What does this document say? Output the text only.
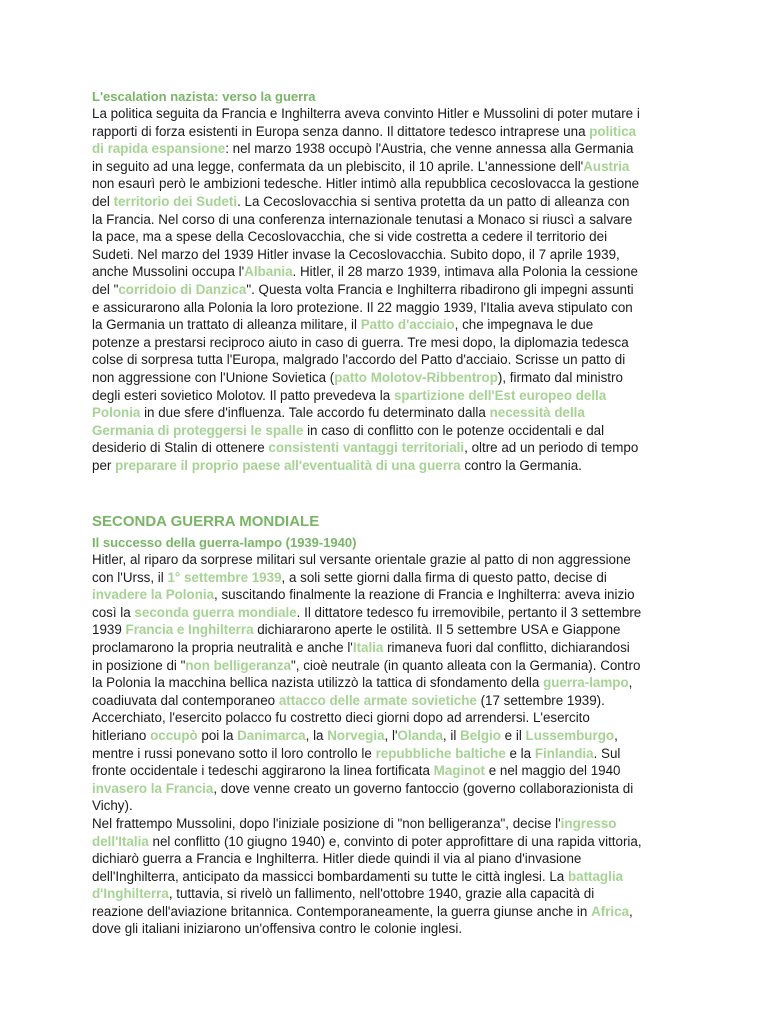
L'escalation nazista: verso la guerra

La politica seguita da Francia e Inghilterra aveva convinto Hitler e Mussolini di poter mutare i
rapporti di forza esistenti in Europa senza danno. Il dittatore tedesco intraprese una politica
di rapida espansione: nel marzo 1938 occupò l'Austria, che venne annessa alla Germania
in seguito ad una legge, confermata da un plebiscito, il 10 aprile. L'annessione dell'Austria
non esaurì però le ambizioni tedesche. Hitler intimò alla repubblica cecoslovacca la gestione
del territorio dei Sudeti. La Cecoslovacchia si sentiva protetta da un patto di alleanza con
la Francia. Nel corso di una conferenza internazionale tenutasi a Monaco si riuscì a salvare
la pace, ma a spese della Cecoslovacchia, che si vide costretta a cedere il territorio dei
Sudeti. Nel marzo del 1939 Hitler invase la Cecoslovacchia. Subito dopo, il 7 aprile 1939,
anche Mussolini occupa l'Albania. Hitler, il 28 marzo 1939, intimava alla Polonia la cessione
del "corridoio di Danzica". Questa volta Francia e Inghilterra ribadirono gli impegni assunti
e assicurarono alla Polonia la loro protezione. Il 22 maggio 1939, l'Italia aveva stipulato con
la Germania un trattato di alleanza militare, il Patto d'acciaio, che impegnava le due
potenze a prestarsi reciproco aiuto in caso di guerra. Tre mesi dopo, la diplomazia tedesca
colse di sorpresa tutta l'Europa, malgrado l'accordo del Patto d'acciaio. Scrisse un patto di
non aggressione con l'Unione Sovietica (patto Molotov-Ribbentrop), firmato dal ministro
degli esteri sovietico Molotov. Il patto prevedeva la spartizione dell'Est europeo della
Polonia in due sfere d'influenza. Tale accordo fu determinato dalla necessità della
Germania di proteggersi le spalle in caso di conflitto con le potenze occidentali e dal
desiderio di Stalin di ottenere consistenti vantaggi territoriali, oltre ad un periodo di tempo
per preparare il proprio paese all'eventualità di una guerra contro la Germania.

SECONDA GUERRA MONDIALE
Il successo della guerra-lampo (1939-1940)

Hitler, al riparo da sorprese militari sul versante orientale grazie al patto di non aggressione
con l'Urss, il 1° settembre 1939, a soli sette giorni dalla firma di questo patto, decise di
invadere la Polonia, suscitando finalmente la reazione di Francia e Inghilterra: aveva inizio
così la seconda guerra mondiale. Il dittatore tedesco fu irremovibile, pertanto il 3 settembre
1939 Francia e Inghilterra dichiararono aperte le ostilità. Il 5 settembre USA e Giappone
proclamarono la propria neutralità e anche l'Italia rimaneva fuori dal conflitto, dichiarandosi
in posizione di "non belligeranza", cioè neutrale (in quanto alleata con la Germania). Contro
la Polonia la macchina bellica nazista utilizzò la tattica di sfondamento della guerra-lampo,
coadiuvata dal contemporaneo attacco delle armate sovietiche (17 settembre 1939).
Accerchiato, l'esercito polacco fu costretto dieci giorni dopo ad arrendersi. L'esercito
hitleriano occupò poi la Danimarca, la Norvegia, l'Olanda, il Belgio e il Lussemburgo,
mentre i russi ponevano sotto il loro controllo le repubbliche baltiche e la Finlandia. Sul
fronte occidentale i tedeschi aggirarono la linea fortificata Maginot e nel maggio del 1940
invasero la Francia, dove venne creato un governo fantoccio (governo collaborazionista di
Vichy).
Nel frattempo Mussolini, dopo l'iniziale posizione di "non belligeranza", decise l'ingresso
dell'Italia nel conflitto (10 giugno 1940) e, convinto di poter approfittare di una rapida vittoria,
dichiarò guerra a Francia e Inghilterra. Hitler diede quindi il via al piano d'invasione
dell'Inghilterra, anticipato da massicci bombardamenti su tutte le città inglesi. La battaglia
d'Inghilterra, tuttavia, si rivelò un fallimento, nell'ottobre 1940, grazie alla capacità di
reazione dell'aviazione britannica. Contemporaneamente, la guerra giunse anche in Africa,
dove gli italiani iniziarono un'offensiva contro le colonie inglesi.
